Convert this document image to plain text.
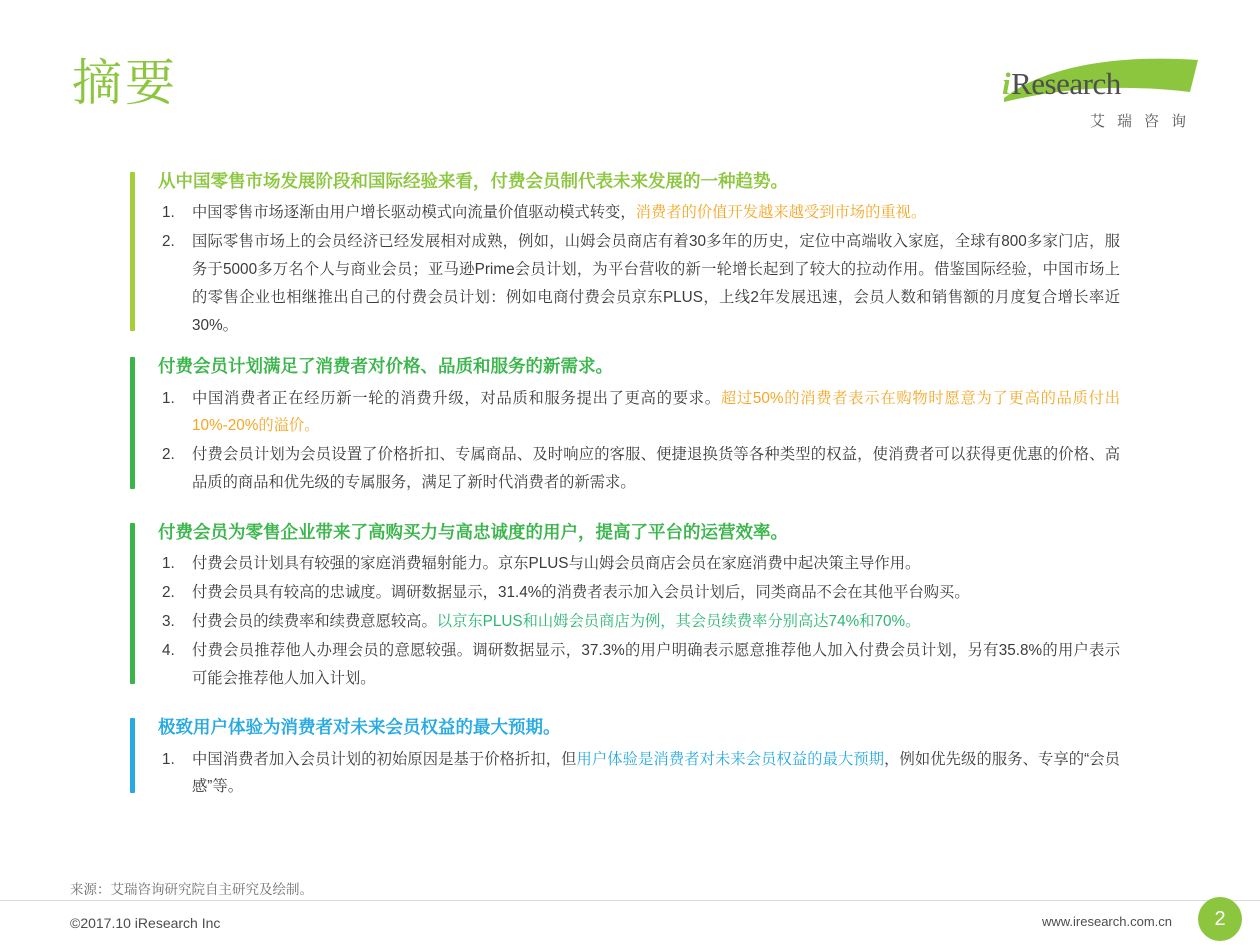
摘要	iResearch
艾瑞咨询
从中国零售市场发展阶段和国际经验来看，付费会员制代表未来发展的一种趋势。
中国零售市场逐渐由用户增长驱动模式向流量价值驱动模式转变，消费者的价值开发越来越受到市场的重视。
国际零售市场上的会员经济已经发展相对成熟，例如，山姆会员商店有着30多年的历史，定位中高端收入家庭，全球有800多家门店，服务于5000多万名个人与商业会员；亚马逊Prime会员计划，为平台营收的新一轮增长起到了较大的拉动作用。借鉴国际经验，中国市场上的零售企业也相继推出自己的付费会员计划：例如电商付费会员京东PLUS，上线2年发展迅速，会员人数和销售额的月度复合增长率近30%。
付费会员计划满足了消费者对价格、品质和服务的新需求。
中国消费者正在经历新一轮的消费升级，对品质和服务提出了更高的要求。超过50%的消费者表示在购物时愿意为了更高的品质付出10%-20%的溢价。
付费会员计划为会员设置了价格折扣、专属商品、及时响应的客服、便捷退换货等各种类型的权益，使消费者可以获得更优惠的价格、高品质的商品和优先级的专属服务，满足了新时代消费者的新需求。
付费会员为零售企业带来了高购买力与高忠诚度的用户，提高了平台的运营效率。
付费会员计划具有较强的家庭消费辐射能力。京东PLUS与山姆会员商店会员在家庭消费中起决策主导作用。
付费会员具有较高的忠诚度。调研数据显示，31.4%的消费者表示加入会员计划后，同类商品不会在其他平台购买。
付费会员的续费率和续费意愿较高。以京东PLUS和山姆会员商店为例，其会员续费率分别高达74%和70%。
付费会员推荐他人办理会员的意愿较强。调研数据显示，37.3%的用户明确表示愿意推荐他人加入付费会员计划，另有35.8%的用户表示可能会推荐他人加入计划。
极致用户体验为消费者对未来会员权益的最大预期。
中国消费者加入会员计划的初始原因是基于价格折扣，但用户体验是消费者对未来会员权益的最大预期，例如优先级的服务、专享的“会员感”等。
来源：艾瑞咨询研究院自主研究及绘制。
©2017.10 iResearch Inc	www.iresearch.com.cn	2
